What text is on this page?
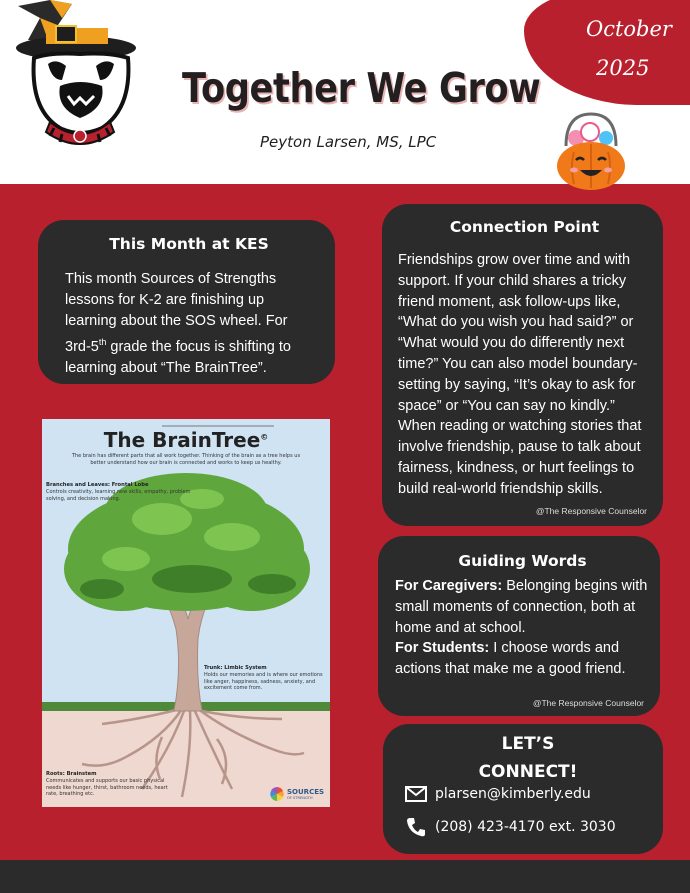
Together We Grow
Peyton Larsen, MS, LPC
October
2025
This Month at KES
This month Sources of Strengths lessons for K-2 are finishing up learning about the SOS wheel. For 3rd-5th grade the focus is shifting to learning about “The BrainTree”.
Connection Point
Friendships grow over time and with support. If your child shares a tricky friend moment, ask follow-ups like, “What do you wish you had said?” or “What would you do differently next time?” You can also model boundary-setting by saying, “It’s okay to ask for space” or “You can say no kindly.” When reading or watching stories that involve friendship, pause to talk about fairness, kindness, or hurt feelings to build real-world friendship skills.
@The Responsive Counselor
Guiding Words
For Caregivers: Belonging begins with small moments of connection, both at home and at school.
For Students: I choose words and actions that make me a good friend.
@The Responsive Counselor
LET’S
CONNECT!
plarsen@kimberly.edu
(208) 423-4170 ext. 3030
The BrainTree©
The brain has different parts that all work together. Thinking of the brain as a tree helps us better understand how our brain is connected and works to keep us healthy.
Branches and Leaves: Frontal Lobe
Controls creativity, learning new skills, empathy, problem solving, and decision making.
Trunk: Limbic System
Holds our memories and is where our emotions like anger, happiness, sadness, anxiety, and excitement come from.
Roots: Brainstem
Communicates and supports our basic physical needs like hunger, thirst, bathroom needs, heart rate, breathing etc.	SOURCES
OF STRENGTH
